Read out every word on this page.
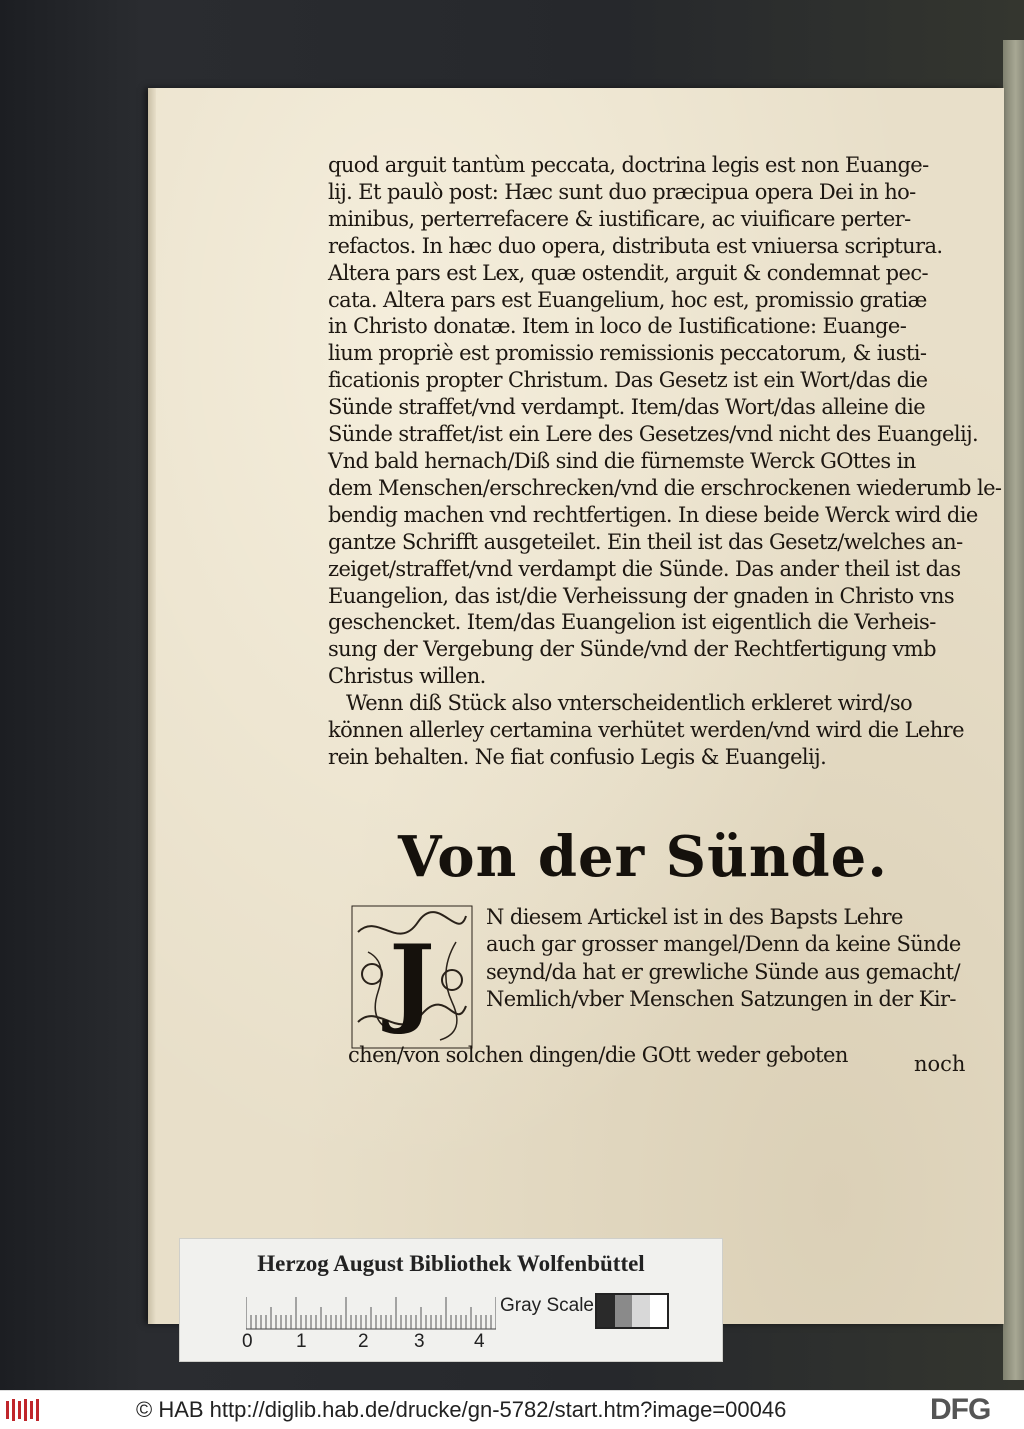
quod arguit tantùm peccata, doctrina legis est non Euange-
lij. Et paulò post: Hæc sunt duo præcipua opera Dei in ho-
minibus, perterrefacere & iustificare, ac viuificare perter-
refactos. In hæc duo opera, distributa est vniuersa scriptura.
Altera pars est Lex, quæ ostendit, arguit & condemnat pec-
cata. Altera pars est Euangelium, hoc est, promissio gratiæ
in Christo donatæ. Item in loco de Iustificatione: Euange-
lium propriè est promissio remissionis peccatorum, & iusti-
ficationis propter Christum. Das Gesetz ist ein Wort/das die
Sünde straffet/vnd verdampt. Item/das Wort/das alleine die
Sünde straffet/ist ein Lere des Gesetzes/vnd nicht des Euangelij.
Vnd bald hernach/Diß sind die fürnemste Werck GOttes in
dem Menschen/erschrecken/vnd die erschrockenen wiederumb le-
bendig machen vnd rechtfertigen. In diese beide Werck wird die
gantze Schrifft ausgeteilet. Ein theil ist das Gesetz/welches an-
zeiget/straffet/vnd verdampt die Sünde. Das ander theil ist das
Euangelion, das ist/die Verheissung der gnaden in Christo vns
geschencket. Item/das Euangelion ist eigentlich die Verheis-
sung der Vergebung der Sünde/vnd der Rechtfertigung vmb
Christus willen.
Wenn diß Stück also vnterscheidentlich erkleret wird/so
können allerley certamina verhütet werden/vnd wird die Lehre
rein behalten. Ne fiat confusio Legis & Euangelij.
Von der Sünde.
J
N diesem Artickel ist in des Bapsts Lehre
auch gar grosser mangel/Denn da keine Sünde
seynd/da hat er grewliche Sünde aus gemacht/
Nemlich/vber Menschen Satzungen in der Kir-
chen/von solchen dingen/die GOtt weder geboten	noch
Herzog August Bibliothek Wolfenbüttel
0 1	2 3	4
Gray Scale
© HAB http://diglib.hab.de/drucke/gn-5782/start.htm?image=00046	DFG
